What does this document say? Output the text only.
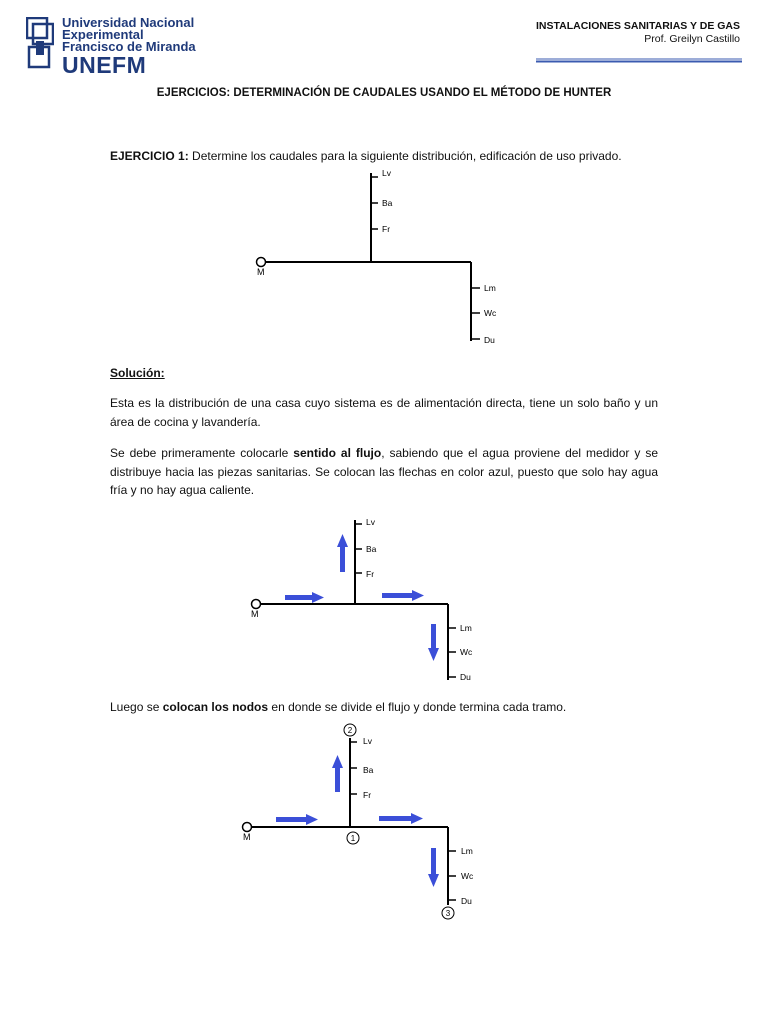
Universidad Nacional
Experimental
Francisco de Miranda
UNEFM
INSTALACIONES SANITARIAS Y DE GAS
Prof. Greilyn Castillo
EJERCICIOS: DETERMINACIÓN DE CAUDALES USANDO EL MÉTODO DE HUNTER
EJERCICIO 1: Determine los caudales para la siguiente distribución, edificación de uso privado.
M
Lv
Ba
Fr
Lm
Wc
Du
Solución:
Esta es la distribución de una casa cuyo sistema es de alimentación directa, tiene un solo baño y un área de cocina y lavandería.
Se debe primeramente colocarle sentido al flujo, sabiendo que el agua proviene del medidor y se distribuye hacia las piezas sanitarias. Se colocan las flechas en color azul, puesto que solo hay agua fría y no hay agua caliente.
M
Lv
Ba
Fr
Lm
Wc
Du
Luego se colocan los nodos en donde se divide el flujo y donde termina cada tramo.
M
Lv
Ba
Fr
Lm
Wc
Du
1
2
3
